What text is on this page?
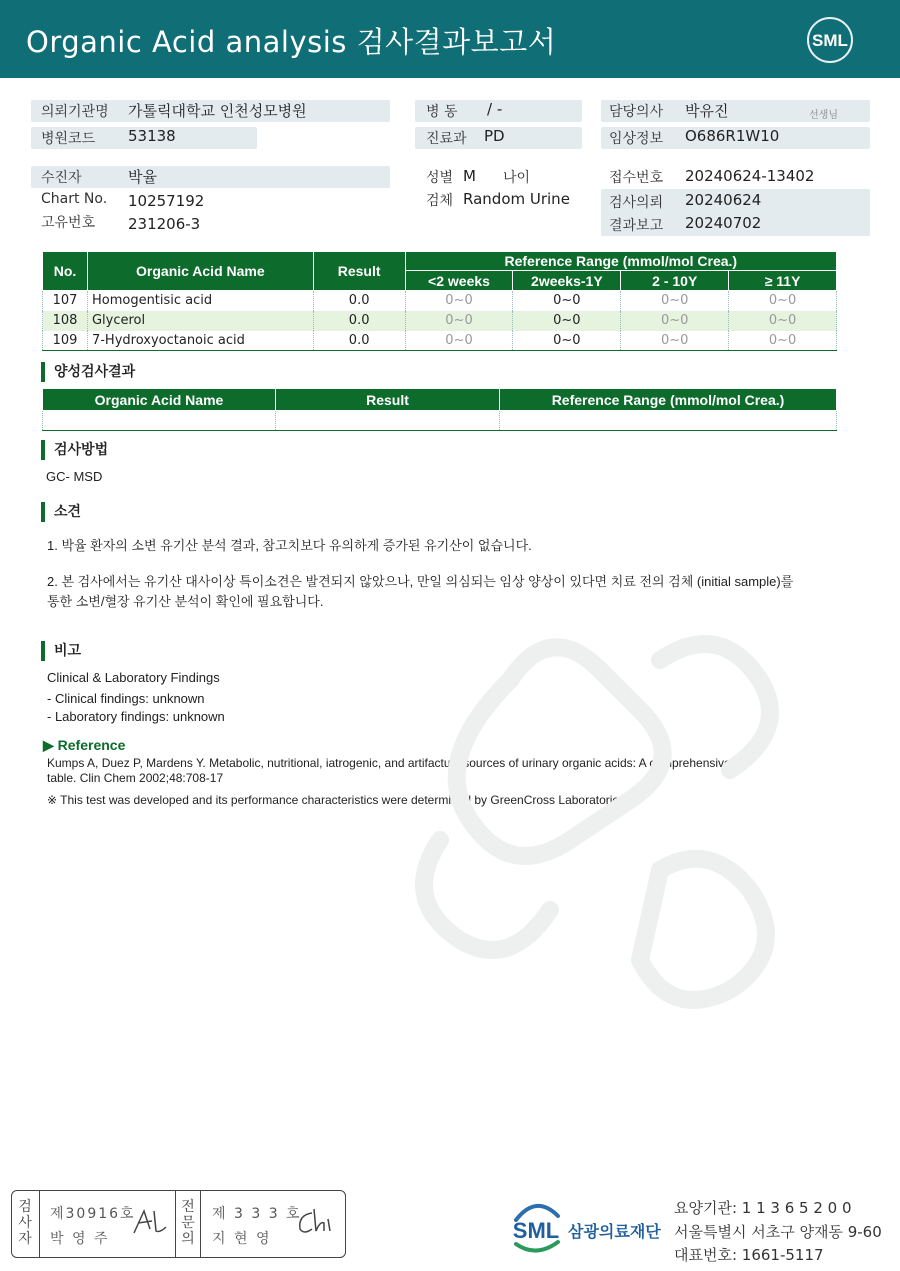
Organic Acid analysis 검사결과보고서	SML
의뢰기관명 가톨릭대학교 인천성모병원
병원코드 53138
병 동 / -
진료과 PD
담당의사 박유진	선생님
임상정보 O686R1W10
수진자	박율
Chart No. 10257192
고유번호 231206-3
성별 M 나이
검체 Random Urine
접수번호 20240624-13402
검사의뢰 20240624
결과보고 20240702
No.	Organic Acid Name	Result	Reference Range (mmol/mol Crea.)			
			<2 weeks	2weeks-1Y	2 - 10Y	≥ 11Y
107	Homogentisic acid	0.0	0~0	0~0	0~0	0~0
108	Glycerol	0.0	0~0	0~0	0~0	0~0
109	7-Hydroxyoctanoic acid	0.0	0~0	0~0	0~0	0~0
양성검사결과
Organic Acid Name	Result	Reference Range (mmol/mol Crea.)

검사방법
GC- MSD
소견
1. 박율 환자의 소변 유기산 분석 결과, 참고치보다 유의하게 증가된 유기산이 없습니다.
2. 본 검사에서는 유기산 대사이상 특이소견은 발견되지 않았으나, 만일 의심되는 임상 양상이 있다면 치료 전의 검체 (initial sample)를
통한 소변/혈장 유기산 분석이 확인에 필요합니다.
비고
Clinical & Laboratory Findings
- Clinical findings: unknown
- Laboratory findings: unknown
▶ Reference
Kumps A, Duez P, Mardens Y. Metabolic, nutritional, iatrogenic, and artifactual sources of urinary organic acids: A comprehensive
table. Clin Chem 2002;48:708-17
※ This test was developed and its performance characteristics were determined by GreenCross Laboratories.
검
사
자
제30916호
박 영 주
전
문
의
제 3 3 3 호
지 현 영	SML 삼광의료재단
요양기관: 1 1 3 6 5 2 0 0
서울특별시 서초구 양재동 9-60
대표번호: 1661-5117
